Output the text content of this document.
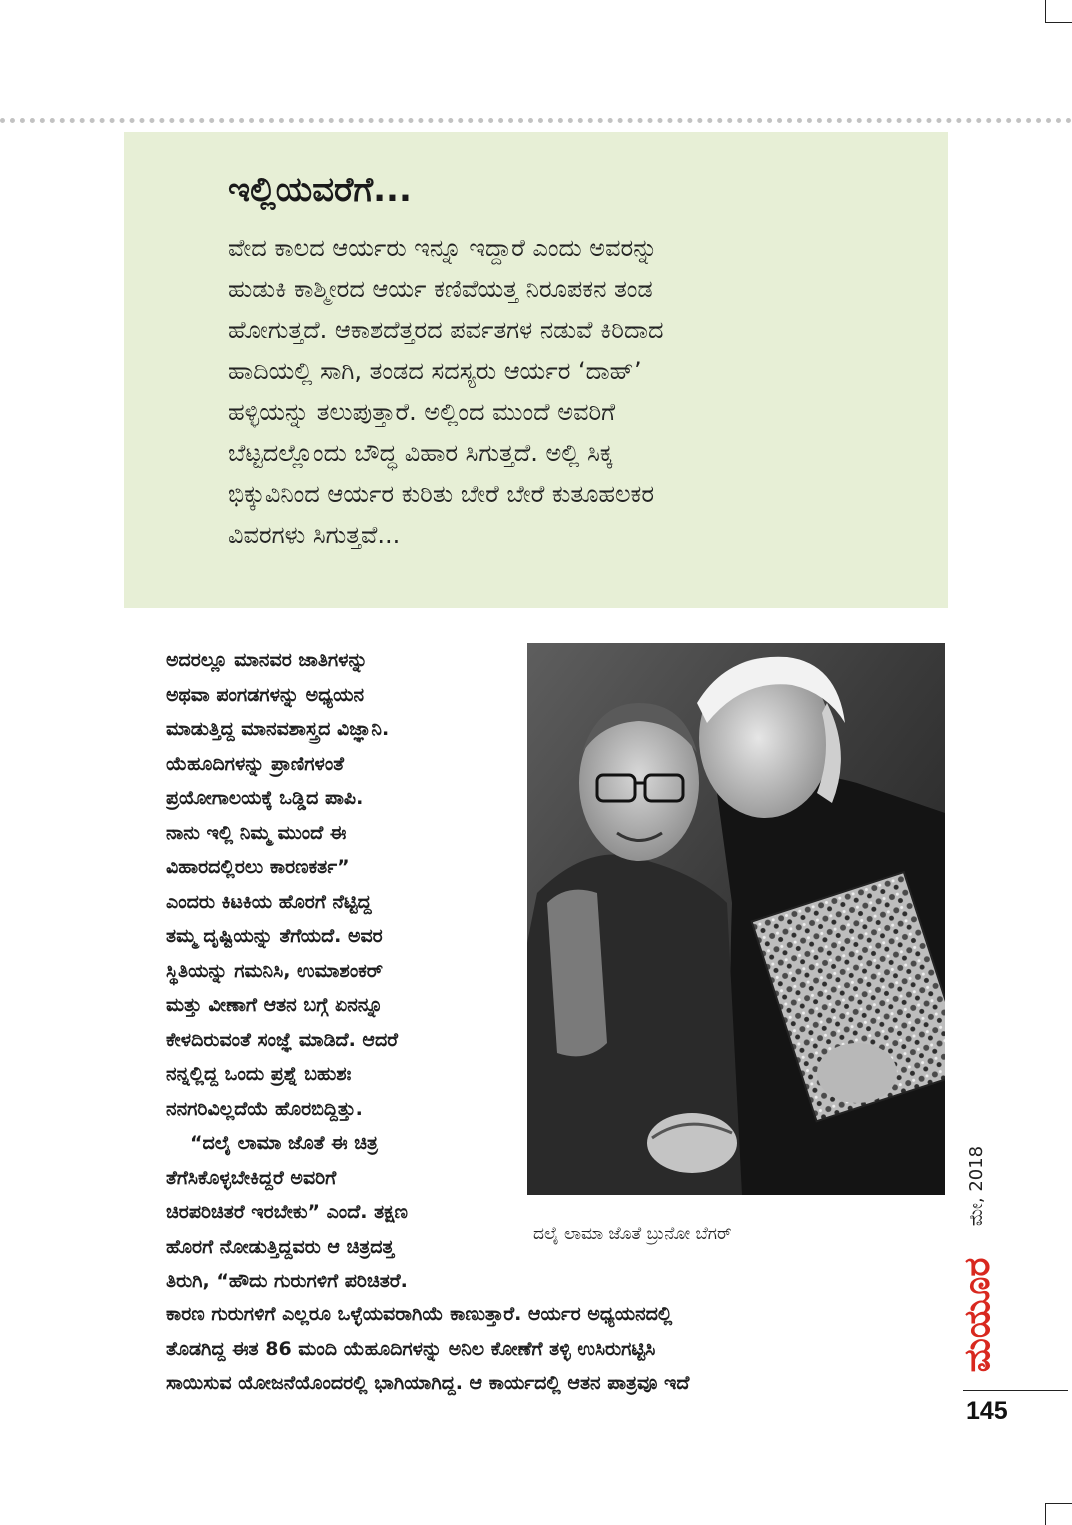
ಇಲ್ಲಿಯವರೆಗೆ...
ವೇದ ಕಾಲದ ಆರ್ಯರು ಇನ್ನೂ ಇದ್ದಾರೆ ಎಂದು ಅವರನ್ನು
ಹುಡುಕಿ ಕಾಶ್ಮೀರದ ಆರ್ಯ ಕಣಿವೆಯತ್ತ ನಿರೂಪಕನ ತಂಡ
ಹೋಗುತ್ತದೆ. ಆಕಾಶದೆತ್ತರದ ಪರ್ವತಗಳ ನಡುವೆ ಕಿರಿದಾದ
ಹಾದಿಯಲ್ಲಿ ಸಾಗಿ, ತಂಡದ ಸದಸ್ಯರು ಆರ್ಯರ ‘ದಾಹ್’
ಹಳ್ಳಿಯನ್ನು ತಲುಪುತ್ತಾರೆ. ಅಲ್ಲಿಂದ ಮುಂದೆ ಅವರಿಗೆ
ಬೆಟ್ಟದಲ್ಲೊಂದು ಬೌದ್ಧ ವಿಹಾರ ಸಿಗುತ್ತದೆ. ಅಲ್ಲಿ ಸಿಕ್ಕ
ಭಿಕ್ಕುವಿನಿಂದ ಆರ್ಯರ ಕುರಿತು ಬೇರೆ ಬೇರೆ ಕುತೂಹಲಕರ
ವಿವರಗಳು ಸಿಗುತ್ತವೆ...
ಅದರಲ್ಲೂ ಮಾನವರ ಜಾತಿಗಳನ್ನು
ಅಥವಾ ಪಂಗಡಗಳನ್ನು ಅಧ್ಯಯನ
ಮಾಡುತ್ತಿದ್ದ ಮಾನವಶಾಸ್ತ್ರದ ವಿಜ್ಞಾನಿ.
ಯೆಹೂದಿಗಳನ್ನು ಪ್ರಾಣಿಗಳಂತೆ
ಪ್ರಯೋಗಾಲಯಕ್ಕೆ ಒಡ್ಡಿದ ಪಾಪಿ.
ನಾನು ಇಲ್ಲಿ ನಿಮ್ಮ ಮುಂದೆ ಈ
ವಿಹಾರದಲ್ಲಿರಲು ಕಾರಣಕರ್ತ”
ಎಂದರು ಕಿಟಕಿಯ ಹೊರಗೆ ನೆಟ್ಟಿದ್ದ
ತಮ್ಮ ದೃಷ್ಟಿಯನ್ನು ತೆಗೆಯದೆ. ಅವರ
ಸ್ಥಿತಿಯನ್ನು ಗಮನಿಸಿ, ಉಮಾಶಂಕರ್
ಮತ್ತು ವೀಣಾಗೆ ಆತನ ಬಗ್ಗೆ ಏನನ್ನೂ
ಕೇಳದಿರುವಂತೆ ಸಂಜ್ಞೆ ಮಾಡಿದೆ. ಆದರೆ
ನನ್ನಲ್ಲಿದ್ದ ಒಂದು ಪ್ರಶ್ನೆ ಬಹುಶಃ
ನನಗರಿವಿಲ್ಲದೆಯೆ ಹೊರಬಿದ್ದಿತ್ತು.
“ದಲೈ ಲಾಮಾ ಜೊತೆ ಈ ಚಿತ್ರ
ತೆಗೆಸಿಕೊಳ್ಳಬೇಕಿದ್ದರೆ ಅವರಿಗೆ
ಚಿರಪರಿಚಿತರೆ ಇರಬೇಕು” ಎಂದೆ. ತಕ್ಷಣ
ಹೊರಗೆ ನೋಡುತ್ತಿದ್ದವರು ಆ ಚಿತ್ರದತ್ತ
ತಿರುಗಿ, “ಹೌದು ಗುರುಗಳಿಗೆ ಪರಿಚಿತರೆ.
ಕಾರಣ ಗುರುಗಳಿಗೆ ಎಲ್ಲರೂ ಒಳ್ಳೆಯವರಾಗಿಯೆ ಕಾಣುತ್ತಾರೆ. ಆರ್ಯರ ಅಧ್ಯಯನದಲ್ಲಿ
ತೊಡಗಿದ್ದ ಈತ 86 ಮಂದಿ ಯೆಹೂದಿಗಳನ್ನು ಅನಿಲ ಕೋಣೆಗೆ ತಳ್ಳಿ ಉಸಿರುಗಟ್ಟಿಸಿ
ಸಾಯಿಸುವ ಯೋಜನೆಯೊಂದರಲ್ಲಿ ಭಾಗಿಯಾಗಿದ್ದ. ಆ ಕಾರ್ಯದಲ್ಲಿ ಆತನ ಪಾತ್ರವೂ ಇದೆ
ದಲೈ ಲಾಮಾ ಜೊತೆ ಬ್ರುನೋ ಬೆಗರ್
ಮೇ, 2018
ಮಯೂರ
145
